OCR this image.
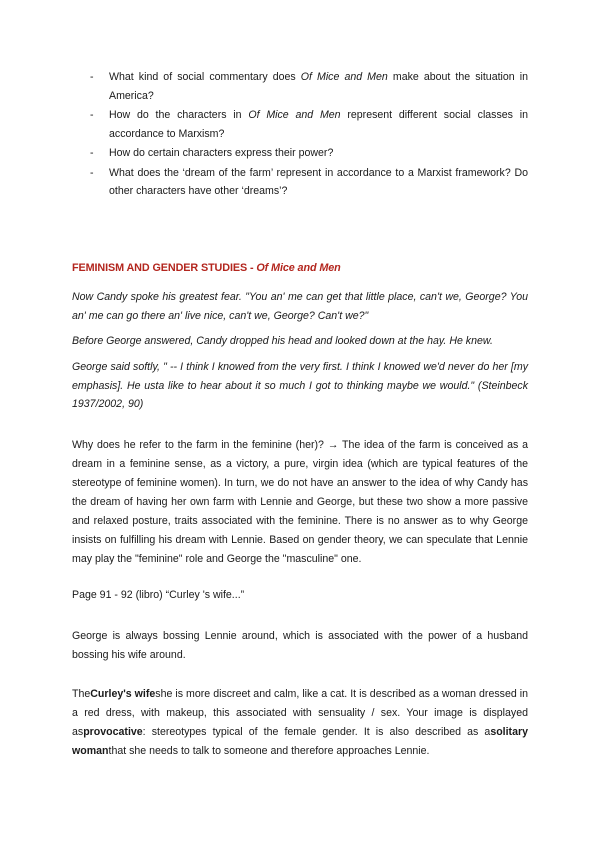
- What kind of social commentary does Of Mice and Men make about the situation in America?
- How do the characters in Of Mice and Men represent different social classes in accordance to Marxism?
- How do certain characters express their power?
- What does the ‘dream of the farm’ represent in accordance to a Marxist framework? Do other characters have other ‘dreams’?
FEMINISM AND GENDER STUDIES - Of Mice and Men
Now Candy spoke his greatest fear. "You an' me can get that little place, can't we, George? You an' me can go there an' live nice, can't we, George? Can't we?"
Before George answered, Candy dropped his head and looked down at the hay. He knew.
George said softly, " -- I think I knowed from the very first. I think I knowed we'd never do her [my emphasis]. He usta like to hear about it so much I got to thinking maybe we would." (Steinbeck 1937/2002, 90)
Why does he refer to the farm in the feminine (her)? → The idea of the farm is conceived as a dream in a feminine sense, as a victory, a pure, virgin idea (which are typical features of the stereotype of feminine women). In turn, we do not have an answer to the idea of why Candy has the dream of having her own farm with Lennie and George, but these two show a more passive and relaxed posture, traits associated with the feminine. There is no answer as to why George insists on fulfilling his dream with Lennie. Based on gender theory, we can speculate that Lennie may play the "feminine" role and George the "masculine" one.
Page 91 - 92 (libro) “Curley 's wife...”
George is always bossing Lennie around, which is associated with the power of a husband bossing his wife around.
TheCurley's wifeshe is more discreet and calm, like a cat. It is described as a woman dressed in a red dress, with makeup, this associated with sensuality / sex. Your image is displayed asprovocative: stereotypes typical of the female gender. It is also described as asolitary womanthat she needs to talk to someone and therefore approaches Lennie.
